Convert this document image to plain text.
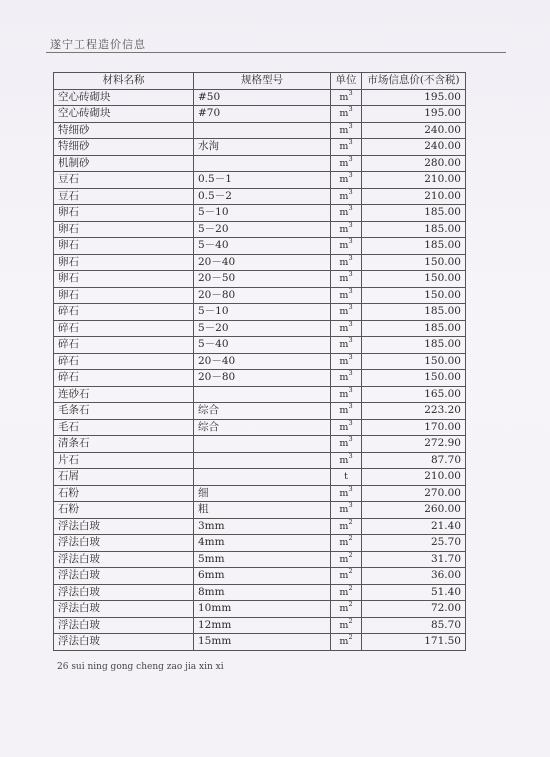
遂宁工程造价信息
材料名称	规格型号	单位	市场信息价(不含税)
空心砖砌块	#50	$m^3$	195.00
空心砖砌块	#70	$m^3$	195.00
特细砂		$m^3$	240.00
特细砂	水洵	$m^3$	240.00
机制砂		$m^3$	280.00
豆石	0.5－1	$m^3$	210.00
豆石	0.5－2	$m^3$	210.00
卵石	5－10	$m^3$	185.00
卵石	5－20	$m^3$	185.00
卵石	5－40	$m^3$	185.00
卵石	20－40	$m^3$	150.00
卵石	20－50	$m^3$	150.00
卵石	20－80	$m^3$	150.00
碎石	5－10	$m^3$	185.00
碎石	5－20	$m^3$	185.00
碎石	5－40	$m^3$	185.00
碎石	20－40	$m^3$	150.00
碎石	20－80	$m^3$	150.00
连砂石		$m^3$	165.00
毛条石	综合	$m^3$	223.20
毛石	综合	$m^3$	170.00
清条石		$m^3$	272.90
片石		$m^3$	87.70
石屑		t	210.00
石粉	细	$m^3$	270.00
石粉	粗	$m^3$	260.00
浮法白玻	3mm	$m^2$	21.40
浮法白玻	4mm	$m^2$	25.70
浮法白玻	5mm	$m^2$	31.70
浮法白玻	6mm	$m^2$	36.00
浮法白玻	8mm	$m^2$	51.40
浮法白玻	10mm	$m^2$	72.00
浮法白玻	12mm	$m^2$	85.70
浮法白玻	15mm	$m^2$	171.50
26 sui ning gong cheng zao jia xin xi
